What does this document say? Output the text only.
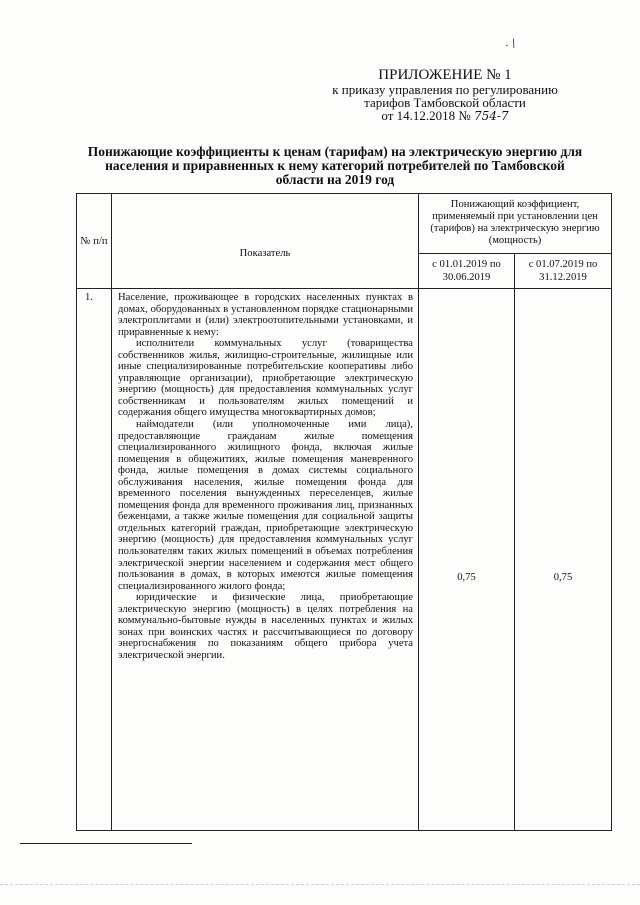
· /
ПРИЛОЖЕНИЕ № 1
к приказу управления по регулированию
тарифов Тамбовской области
от 14.12.2018 № 754-7
Понижающие коэффициенты к ценам (тарифам) на электрическую энергию для населения и приравненных к нему категорий потребителей по Тамбовской области на 2019 год
№ п/п	Показатель	Понижающий коэффициент, применяемый при установлении цен (тарифов) на электрическую энергию (мощность)	
		с 01.01.2019 по 30.06.2019	с 01.07.2019 по 31.12.2019
1.	Население, проживающее в городских населенных пунктах в домах, оборудованных в установленном порядке стационарными электроплитами и (или) электроотопительными установками, и приравненные к нему:

исполнители коммунальных услуг (товарищества собственников жилья, жилищно-строительные, жилищные или иные специализированные потребительские кооперативы либо управляющие организации), приобретающие электрическую энергию (мощность) для предоставления коммунальных услуг собственникам и пользователям жилых помещений и содержания общего имущества многоквартирных домов;

наймодатели (или уполномоченные ими лица), предоставляющие гражданам жилые помещения специализированного жилищного фонда, включая жилые помещения в общежитиях, жилые помещения маневренного фонда, жилые помещения в домах системы социального обслуживания населения, жилые помещения фонда для временного поселения вынужденных переселенцев, жилые помещения фонда для временного проживания лиц, признанных беженцами, а также жилые помещения для социальной защиты отдельных категорий граждан, приобретающие электрическую энергию (мощность) для предоставления коммунальных услуг пользователям таких жилых помещений в объемах потребления электрической энергии населением и содержания мест общего пользования в домах, в которых имеются жилые помещения специализированного жилого фонда;

юридические и физические лица, приобретающие электрическую энергию (мощность) в целях потребления на коммунально-бытовые нужды в населенных пунктах и жилых зонах при воинских частях и рассчитывающиеся по договору энергоснабжения по показаниям общего прибора учета электрической энергии.	0,75	0,75
